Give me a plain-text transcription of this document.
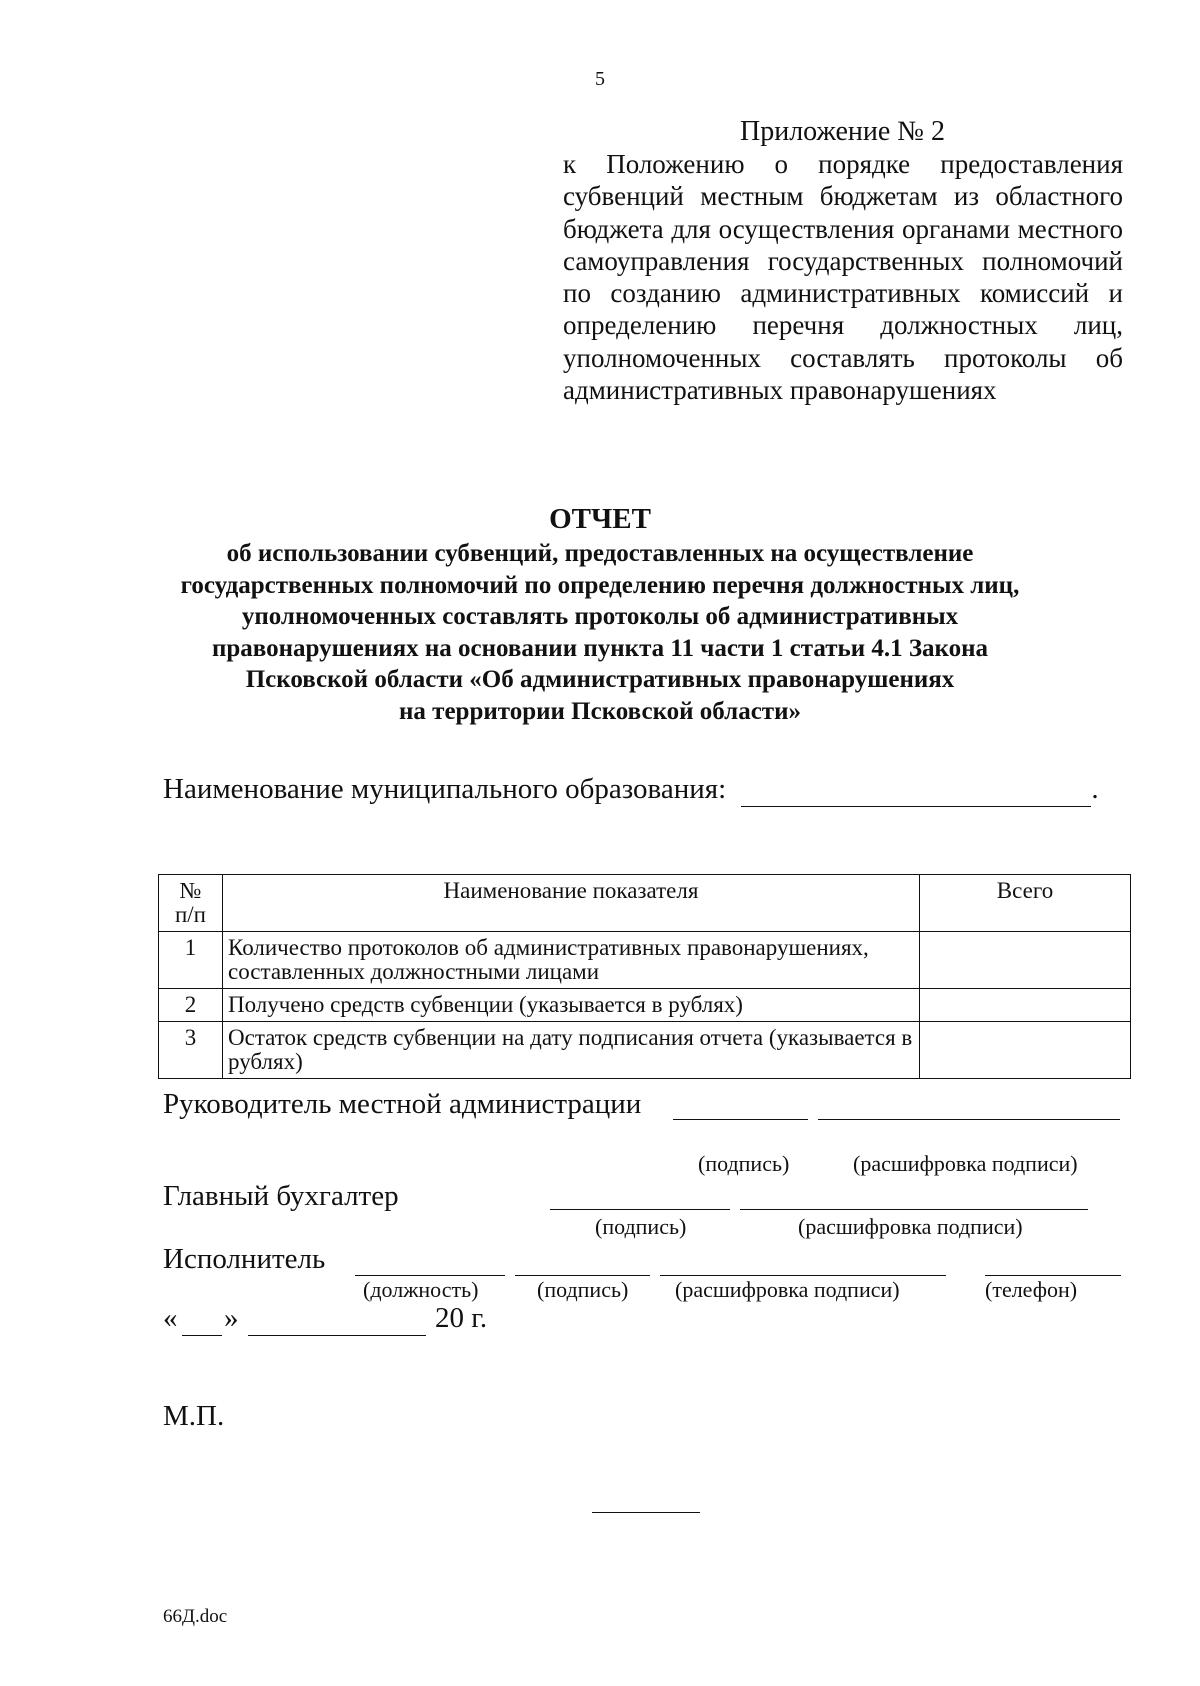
5
Приложение № 2
к Положению о порядке предоставления субвенций местным бюджетам из областного бюджета для осуществления органами местного самоуправления государственных полномочий по созданию административных комиссий и определению перечня должностных лиц, уполномоченных составлять протоколы об административных правонарушениях
ОТЧЕТ
об использовании субвенций, предоставленных на осуществление
государственных полномочий по определению перечня должностных лиц,
уполномоченных составлять протоколы об административных
правонарушениях на основании пункта 11 части 1 статьи 4.1 Закона
Псковской области «Об административных правонарушениях
на территории Псковской области»
Наименование муниципального образования:	.
№
п/п	Наименование показателя	Всего
1	Количество протоколов об административных правонарушениях, составленных должностными лицами	
2	Получено средств субвенции (указывается в рублях)	
3	Остаток средств субвенции на дату подписания отчета (указывается в рублях)	
Руководитель местной администрации
(подпись)	(расшифровка подписи)
Главный бухгалтер
(подпись)	(расшифровка подписи)
Исполнитель
(должность)	(подпись) (расшифровка подписи)	(телефон)
« »	20 г.
М.П.
66Д.doc
